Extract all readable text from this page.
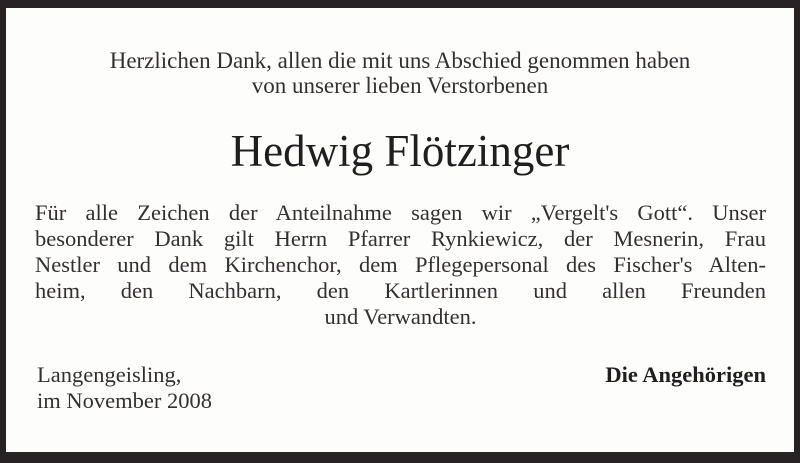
Herzlichen Dank, allen die mit uns Abschied genommen haben
von unserer lieben Verstorbenen
Hedwig Flötzinger
Für alle Zeichen der Anteilnahme sagen wir „Vergelt's Gott“. Unser
besonderer Dank gilt Herrn Pfarrer Rynkiewicz, der Mesnerin, Frau
Nestler und dem Kirchenchor, dem Pflegepersonal des Fischer's Alten-
heim, den Nachbarn, den Kartlerinnen und allen Freunden
und Verwandten.
Langengeisling,
im November 2008
Die Angehörigen
